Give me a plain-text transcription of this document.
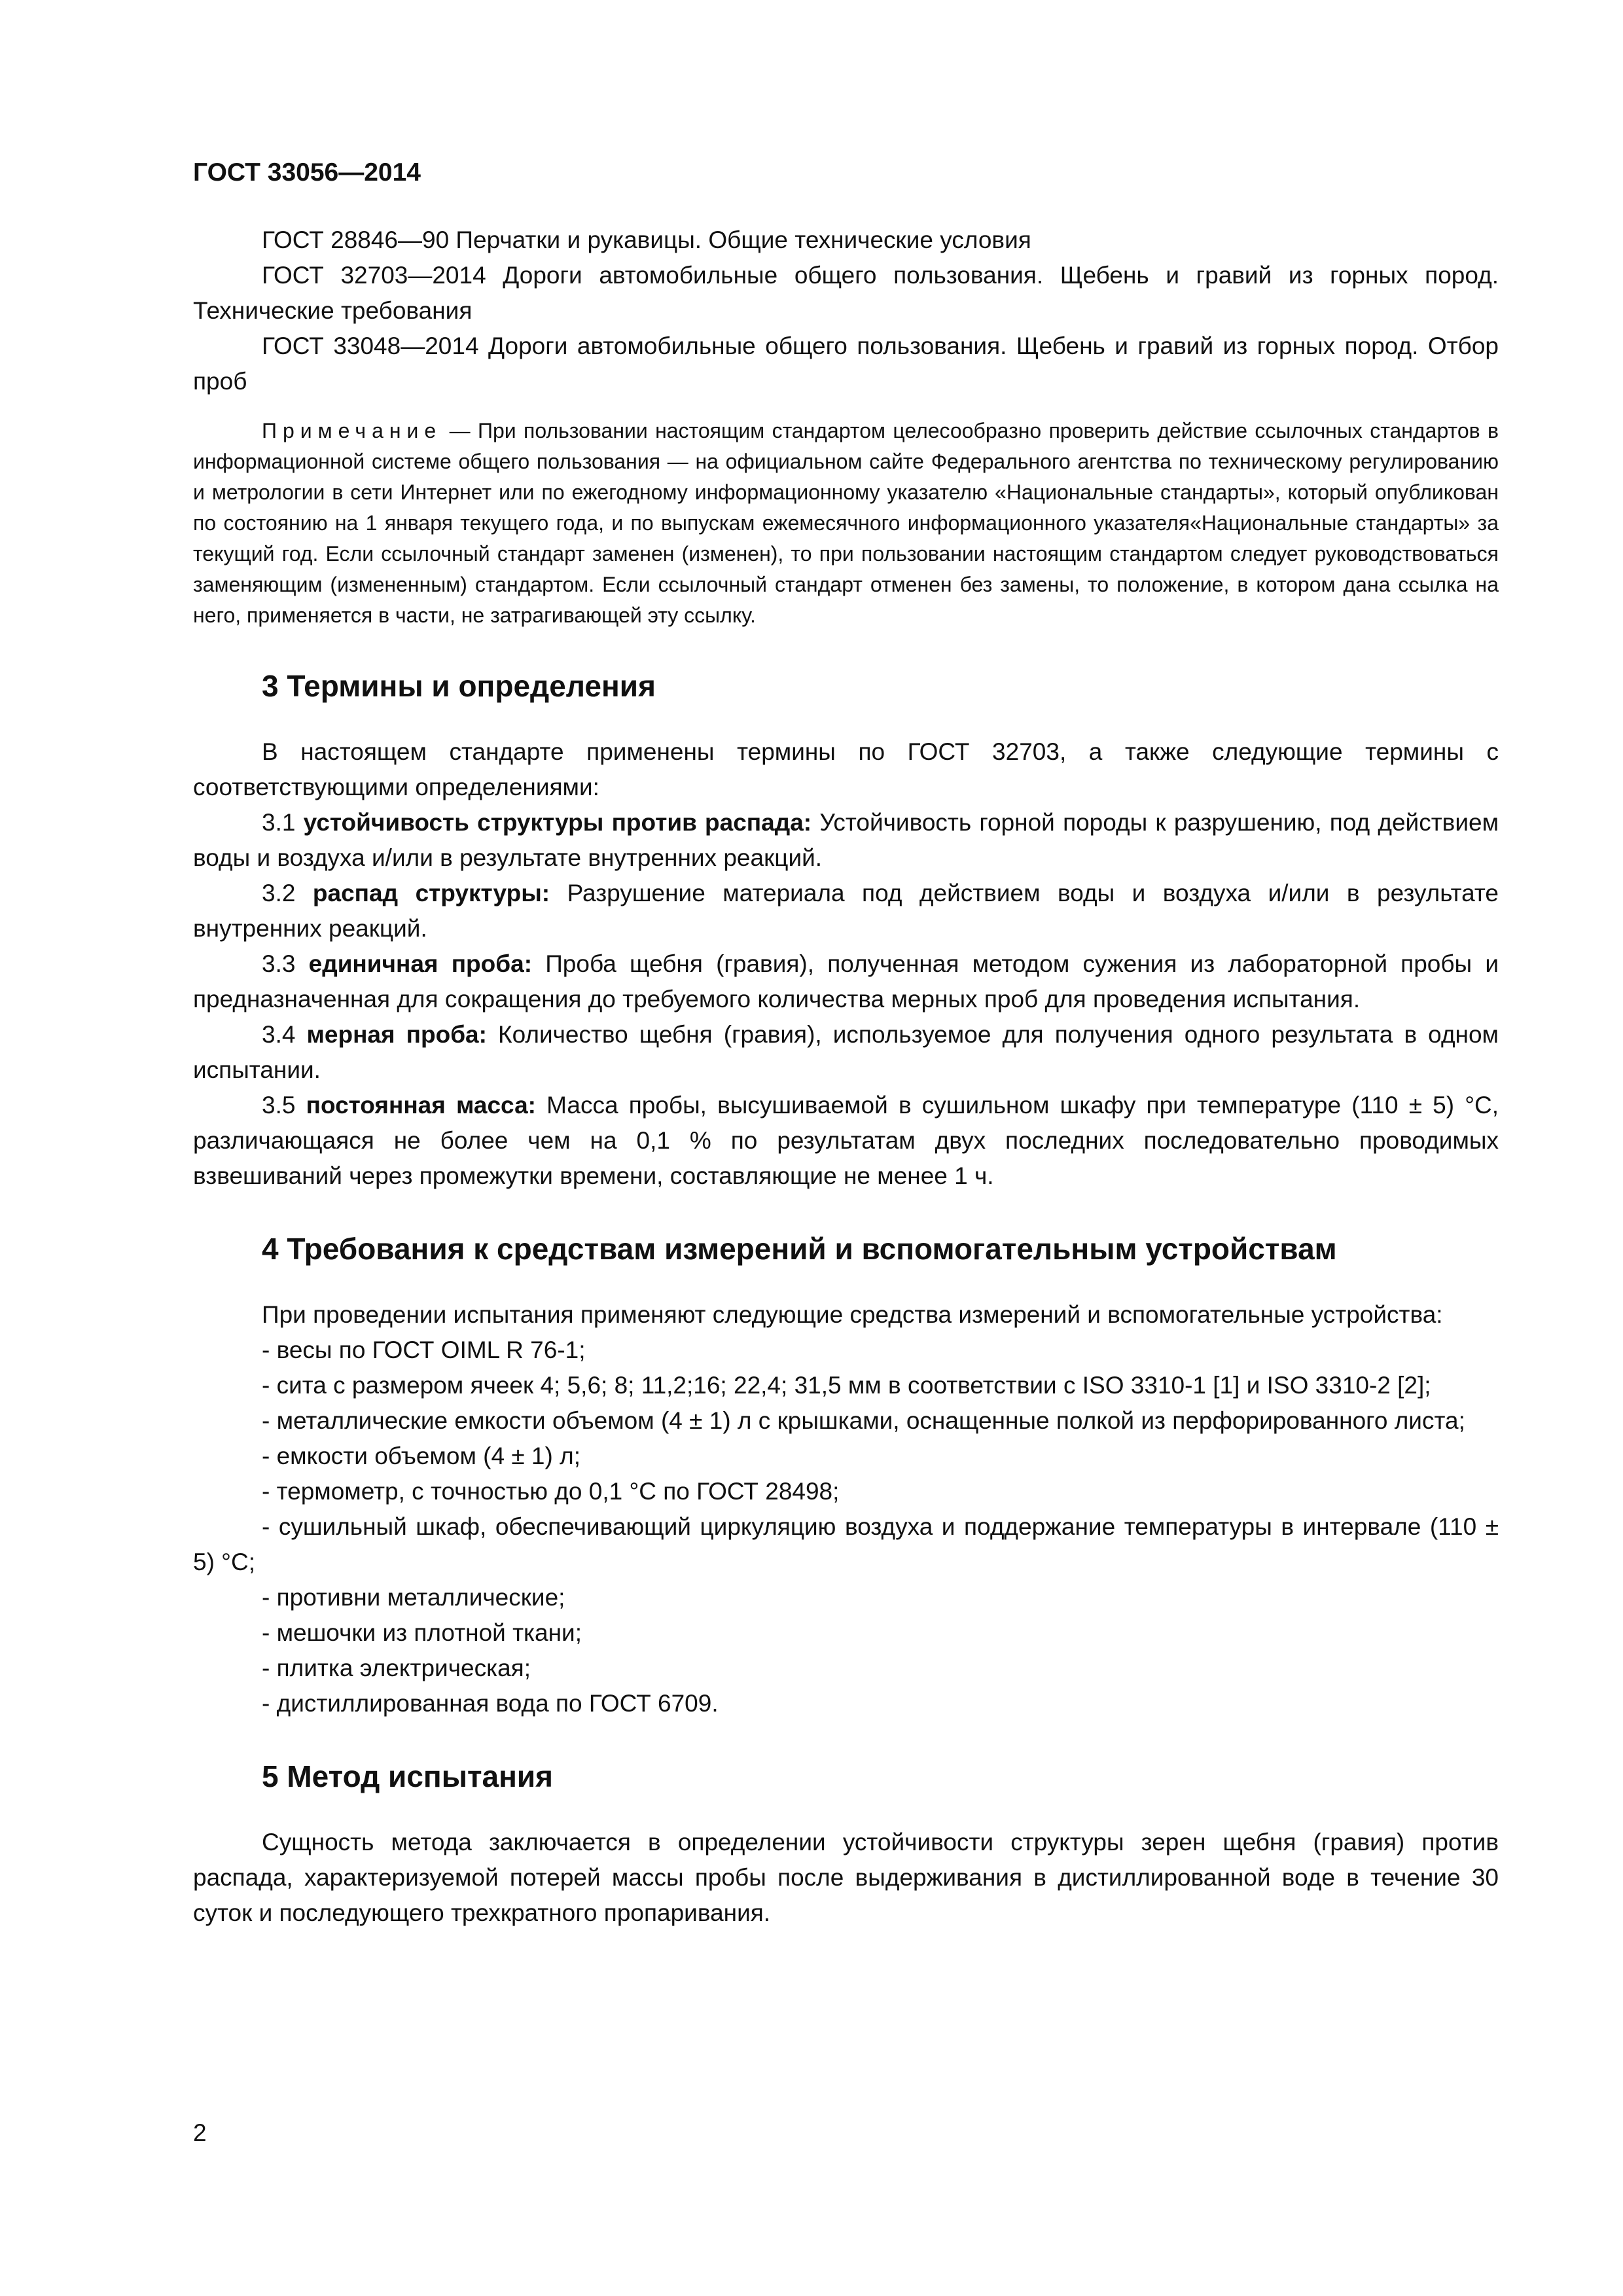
ГОСТ 33056—2014

ГОСТ 28846—90 Перчатки и рукавицы. Общие технические условия

ГОСТ 32703—2014 Дороги автомобильные общего пользования. Щебень и гравий из горных пород. Технические требования

ГОСТ 33048—2014 Дороги автомобильные общего пользования. Щебень и гравий из горных пород. Отбор проб

Примечание — При пользовании настоящим стандартом целесообразно проверить действие ссылочных стандартов в информационной системе общего пользования — на официальном сайте Федерального агентства по техническому регулированию и метрологии в сети Интернет или по ежегодному информационному указателю «Национальные стандарты», который опубликован по состоянию на 1 января текущего года, и по выпускам ежемесячного информационного указателя«Национальные стандарты» за текущий год. Если ссылочный стандарт заменен (изменен), то при пользовании настоящим стандартом следует руководствоваться заменяющим (измененным) стандартом. Если ссылочный стандарт отменен без замены, то положение, в котором дана ссылка на него, применяется в части, не затрагивающей эту ссылку.

3 Термины и определения

В настоящем стандарте применены термины по ГОСТ 32703, а также следующие термины с соответствующими определениями:

3.1 устойчивость структуры против распада: Устойчивость горной породы к разрушению, под действием воды и воздуха и/или в результате внутренних реакций.

3.2 распад структуры: Разрушение материала под действием воды и воздуха и/или в результате внутренних реакций.

3.3 единичная проба: Проба щебня (гравия), полученная методом сужения из лабораторной пробы и предназначенная для сокращения до требуемого количества мерных проб для проведения испытания.

3.4 мерная проба: Количество щебня (гравия), используемое для получения одного результата в одном испытании.

3.5 постоянная масса: Масса пробы, высушиваемой в сушильном шкафу при температуре (110 ± 5) °С, различающаяся не более чем на 0,1 % по результатам двух последних последовательно проводимых взвешиваний через промежутки времени, составляющие не менее 1 ч.

4 Требования к средствам измерений и вспомогательным устройствам

При проведении испытания применяют следующие средства измерений и вспомогательные устройства:

- весы по ГОСТ OIML R 76-1;

- сита с размером ячеек 4; 5,6; 8; 11,2;16; 22,4; 31,5 мм в соответствии с ISO 3310-1 [1] и ISO 3310-2 [2];

- металлические емкости объемом (4 ± 1) л с крышками, оснащенные полкой из перфорированного листа;

- емкости объемом (4 ± 1) л;

- термометр, с точностью до 0,1 °С по ГОСТ 28498;

- сушильный шкаф, обеспечивающий циркуляцию воздуха и поддержание температуры в интервале (110 ± 5) °С;

- противни металлические;

- мешочки из плотной ткани;

- плитка электрическая;

- дистиллированная вода по ГОСТ 6709.

5 Метод испытания

Сущность метода заключается в определении устойчивости структуры зерен щебня (гравия) против распада, характеризуемой потерей массы пробы после выдерживания в дистиллированной воде в течение 30 суток и последующего трехкратного пропаривания.

2
